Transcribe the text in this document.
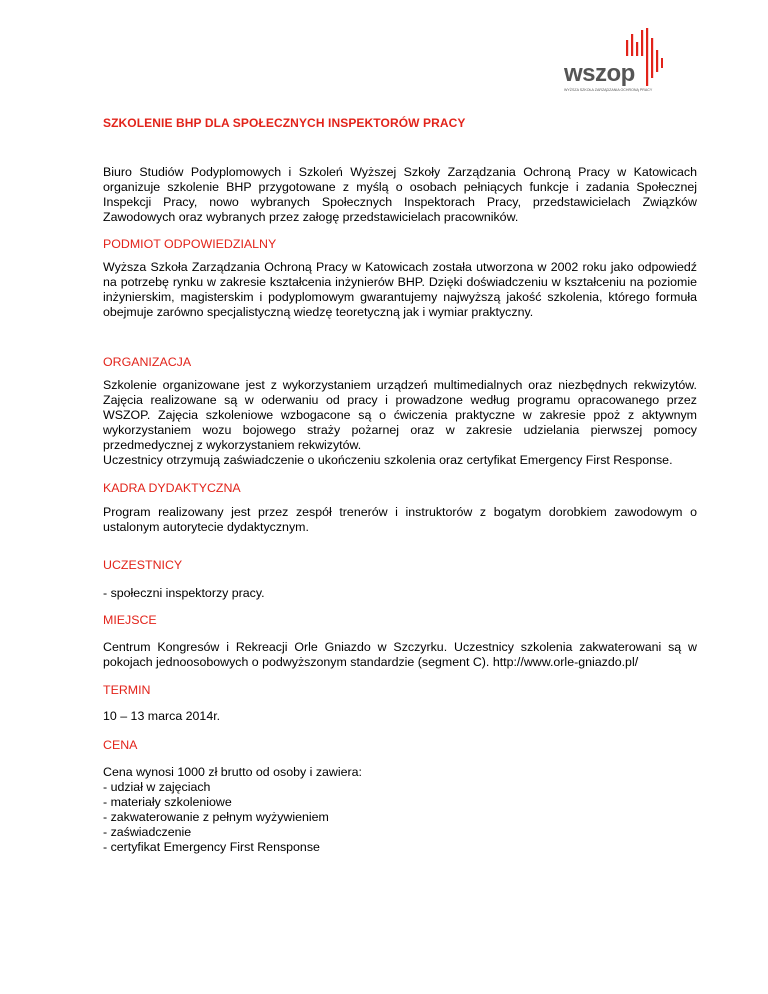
wszop
WYŻSZA SZKOŁA ZARZĄDZANIA OCHRONĄ PRACY
SZKOLENIE BHP DLA SPOŁECZNYCH INSPEKTORÓW PRACY
Biuro Studiów Podyplomowych i Szkoleń Wyższej Szkoły Zarządzania Ochroną Pracy w Katowicach organizuje szkolenie BHP przygotowane z myślą o osobach pełniących funkcje i zadania Społecznej Inspekcji Pracy, nowo wybranych Społecznych Inspektorach Pracy, przedstawicielach Związków Zawodowych oraz wybranych przez załogę przedstawicielach pracowników.
PODMIOT ODPOWIEDZIALNY
Wyższa Szkoła Zarządzania Ochroną Pracy w Katowicach została utworzona w 2002 roku jako odpowiedź na potrzebę rynku w zakresie kształcenia inżynierów BHP. Dzięki doświadczeniu w kształceniu na poziomie inżynierskim, magisterskim i podyplomowym gwarantujemy najwyższą jakość szkolenia, którego formuła obejmuje zarówno specjalistyczną wiedzę teoretyczną jak i wymiar praktyczny.
ORGANIZACJA
Szkolenie organizowane jest z wykorzystaniem urządzeń multimedialnych oraz niezbędnych rekwizytów. Zajęcia realizowane są w oderwaniu od pracy i prowadzone według programu opracowanego przez WSZOP. Zajęcia szkoleniowe wzbogacone są o ćwiczenia praktyczne w zakresie ppoż z aktywnym wykorzystaniem wozu bojowego straży pożarnej oraz w zakresie udzielania pierwszej pomocy przedmedycznej z wykorzystaniem rekwizytów.
Uczestnicy otrzymują zaświadczenie o ukończeniu szkolenia oraz certyfikat Emergency First Response.
KADRA DYDAKTYCZNA
Program realizowany jest przez zespół trenerów i instruktorów z bogatym dorobkiem zawodowym o ustalonym autorytecie dydaktycznym.
UCZESTNICY
- społeczni inspektorzy pracy.
MIEJSCE
Centrum Kongresów i Rekreacji Orle Gniazdo w Szczyrku. Uczestnicy szkolenia zakwaterowani są w pokojach jednoosobowych o podwyższonym standardzie (segment C). http://www.orle-gniazdo.pl/
TERMIN
10 – 13 marca 2014r.
CENA
Cena wynosi 1000 zł brutto od osoby i zawiera:
- udział w zajęciach
- materiały szkoleniowe
- zakwaterowanie z pełnym wyżywieniem
- zaświadczenie
- certyfikat Emergency First Rensponse
